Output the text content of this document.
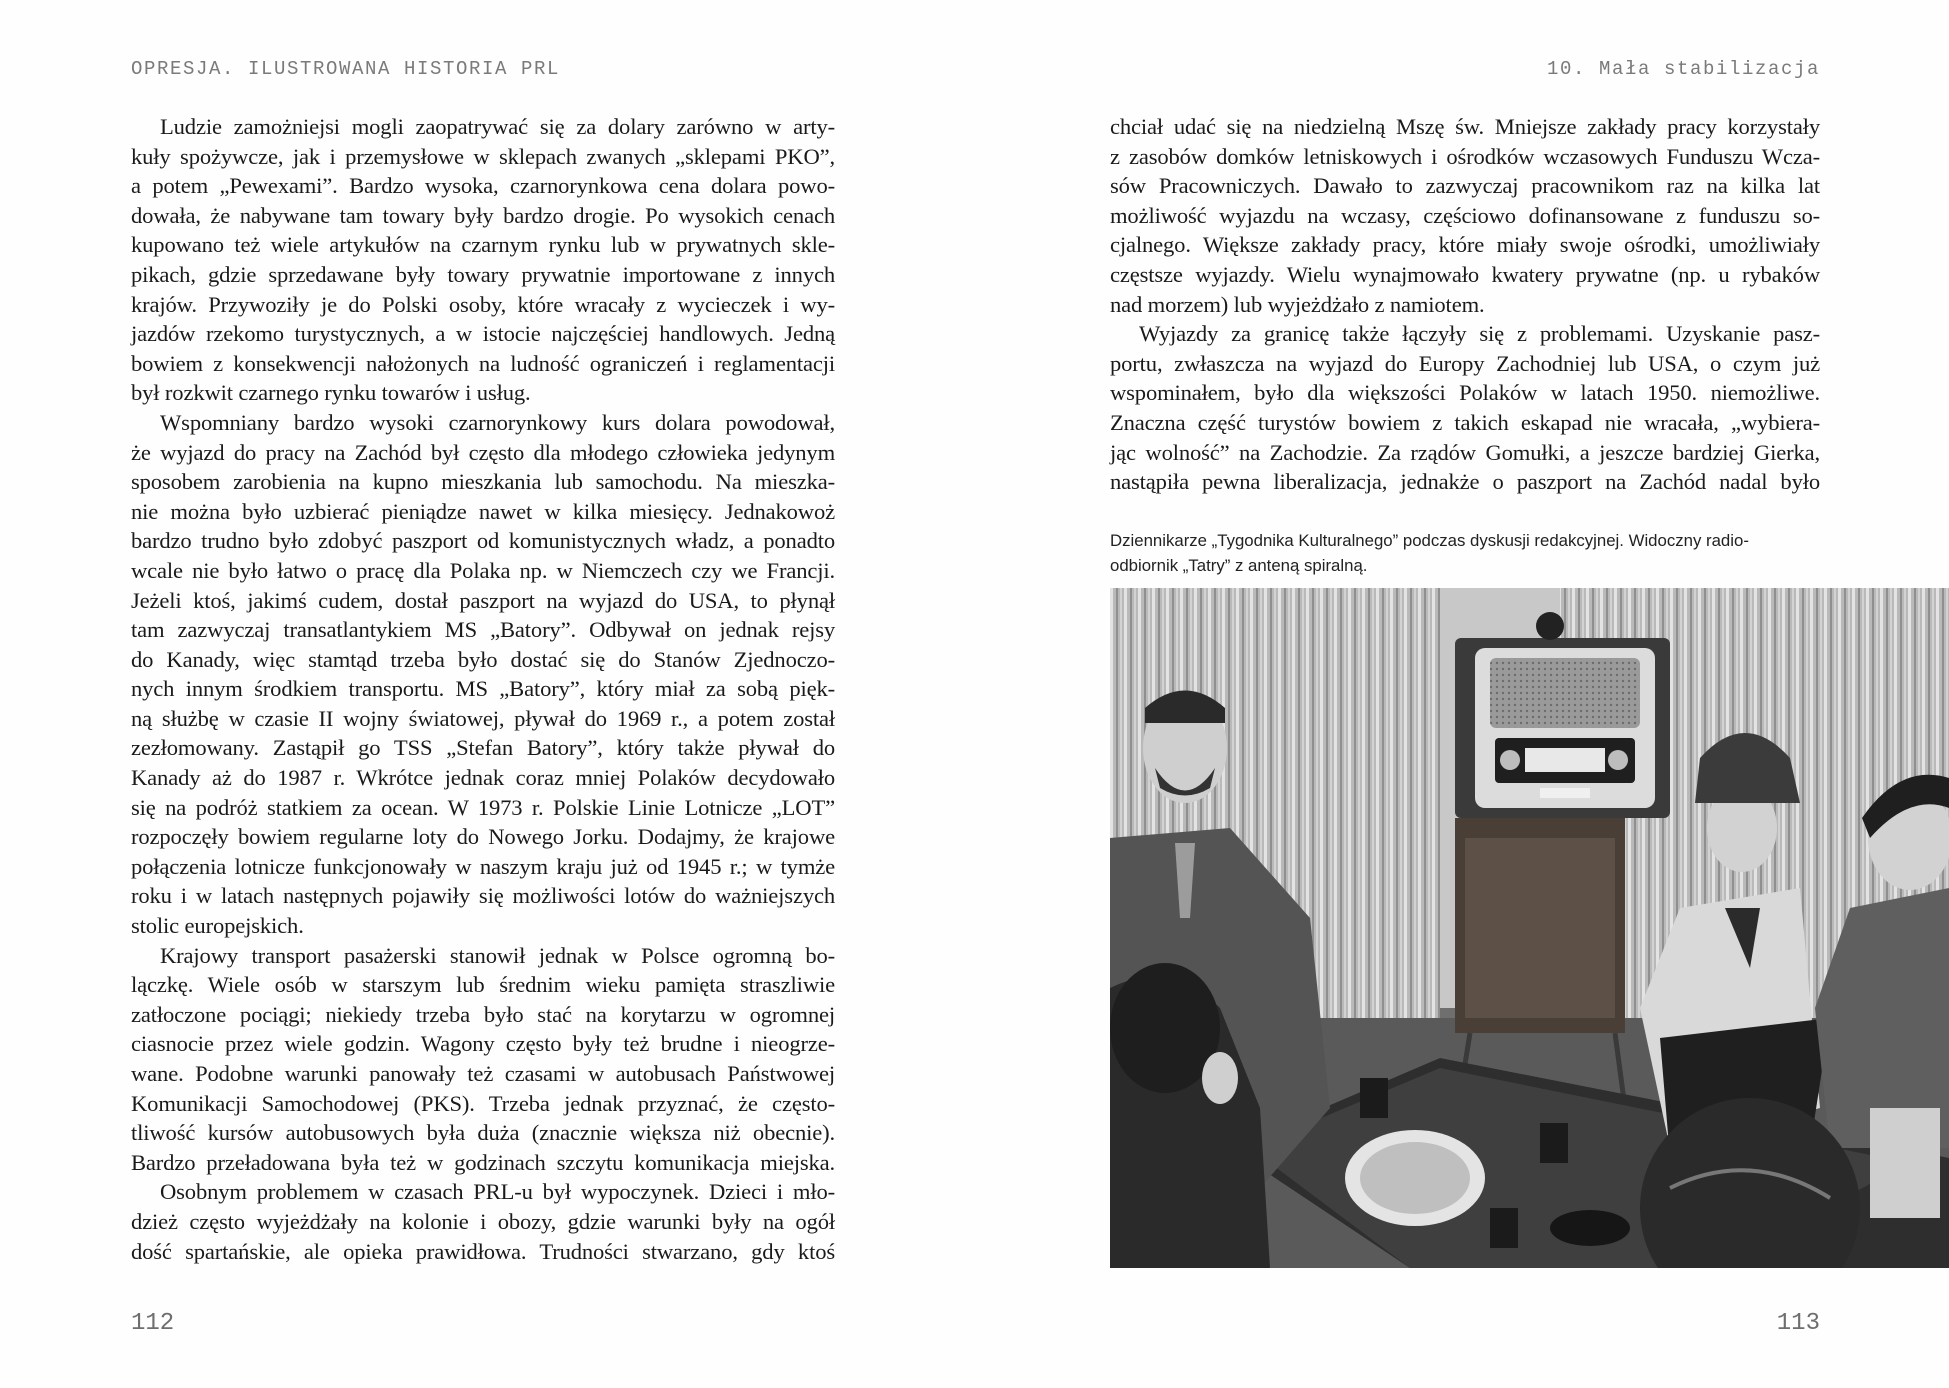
OPRESJA. ILUSTROWANA HISTORIA PRL
Ludzie zamożniejsi mogli zaopatrywać się za dolary zarówno w arty-
kuły spożywcze, jak i przemysłowe w sklepach zwanych „sklepami PKO”,
a potem „Pewexami”. Bardzo wysoka, czarnorynkowa cena dolara powo-
dowała, że nabywane tam towary były bardzo drogie. Po wysokich cenach
kupowano też wiele artykułów na czarnym rynku lub w prywatnych skle-
pikach, gdzie sprzedawane były towary prywatnie importowane z innych
krajów. Przywoziły je do Polski osoby, które wracały z wycieczek i wy-
jazdów rzekomo turystycznych, a w istocie najczęściej handlowych. Jedną
bowiem z konsekwencji nałożonych na ludność ograniczeń i reglamentacji
był rozkwit czarnego rynku towarów i usług.
Wspomniany bardzo wysoki czarnorynkowy kurs dolara powodował,
że wyjazd do pracy na Zachód był często dla młodego człowieka jedynym
sposobem zarobienia na kupno mieszkania lub samochodu. Na mieszka-
nie można było uzbierać pieniądze nawet w kilka miesięcy. Jednakowoż
bardzo trudno było zdobyć paszport od komunistycznych władz, a ponadto
wcale nie było łatwo o pracę dla Polaka np. w Niemczech czy we Francji.
Jeżeli ktoś, jakimś cudem, dostał paszport na wyjazd do USA, to płynął
tam zazwyczaj transatlantykiem MS „Batory”. Odbywał on jednak rejsy
do Kanady, więc stamtąd trzeba było dostać się do Stanów Zjednoczo-
nych innym środkiem transportu. MS „Batory”, który miał za sobą pięk-
ną służbę w czasie II wojny światowej, pływał do 1969 r., a potem został
zezłomowany. Zastąpił go TSS „Stefan Batory”, który także pływał do
Kanady aż do 1987 r. Wkrótce jednak coraz mniej Polaków decydowało
się na podróż statkiem za ocean. W 1973 r. Polskie Linie Lotnicze „LOT”
rozpoczęły bowiem regularne loty do Nowego Jorku. Dodajmy, że krajowe
połączenia lotnicze funkcjonowały w naszym kraju już od 1945 r.; w tymże
roku i w latach następnych pojawiły się możliwości lotów do ważniejszych
stolic europejskich.
Krajowy transport pasażerski stanowił jednak w Polsce ogromną bo-
lączkę. Wiele osób w starszym lub średnim wieku pamięta straszliwie
zatłoczone pociągi; niekiedy trzeba było stać na korytarzu w ogromnej
ciasnocie przez wiele godzin. Wagony często były też brudne i nieogrze-
wane. Podobne warunki panowały też czasami w autobusach Państwowej
Komunikacji Samochodowej (PKS). Trzeba jednak przyznać, że często-
tliwość kursów autobusowych była duża (znacznie większa niż obecnie).
Bardzo przeładowana była też w godzinach szczytu komunikacja miejska.
Osobnym problemem w czasach PRL-u był wypoczynek. Dzieci i mło-
dzież często wyjeżdżały na kolonie i obozy, gdzie warunki były na ogół
dość spartańskie, ale opieka prawidłowa. Trudności stwarzano, gdy ktoś
112
10. Mała stabilizacja
chciał udać się na niedzielną Mszę św. Mniejsze zakłady pracy korzystały
z zasobów domków letniskowych i ośrodków wczasowych Funduszu Wcza-
sów Pracowniczych. Dawało to zazwyczaj pracownikom raz na kilka lat
możliwość wyjazdu na wczasy, częściowo dofinansowane z funduszu so-
cjalnego. Większe zakłady pracy, które miały swoje ośrodki, umożliwiały
częstsze wyjazdy. Wielu wynajmowało kwatery prywatne (np. u rybaków
nad morzem) lub wyjeżdżało z namiotem.
Wyjazdy za granicę także łączyły się z problemami. Uzyskanie pasz-
portu, zwłaszcza na wyjazd do Europy Zachodniej lub USA, o czym już
wspominałem, było dla większości Polaków w latach 1950. niemożliwe.
Znaczna część turystów bowiem z takich eskapad nie wracała, „wybiera-
jąc wolność” na Zachodzie. Za rządów Gomułki, a jeszcze bardziej Gierka,
nastąpiła pewna liberalizacja, jednakże o paszport na Zachód nadal było
Dziennikarze „Tygodnika Kulturalnego” podczas dyskusji redakcyjnej. Widoczny radio-
odbiornik „Tatry” z anteną spiralną.
113
